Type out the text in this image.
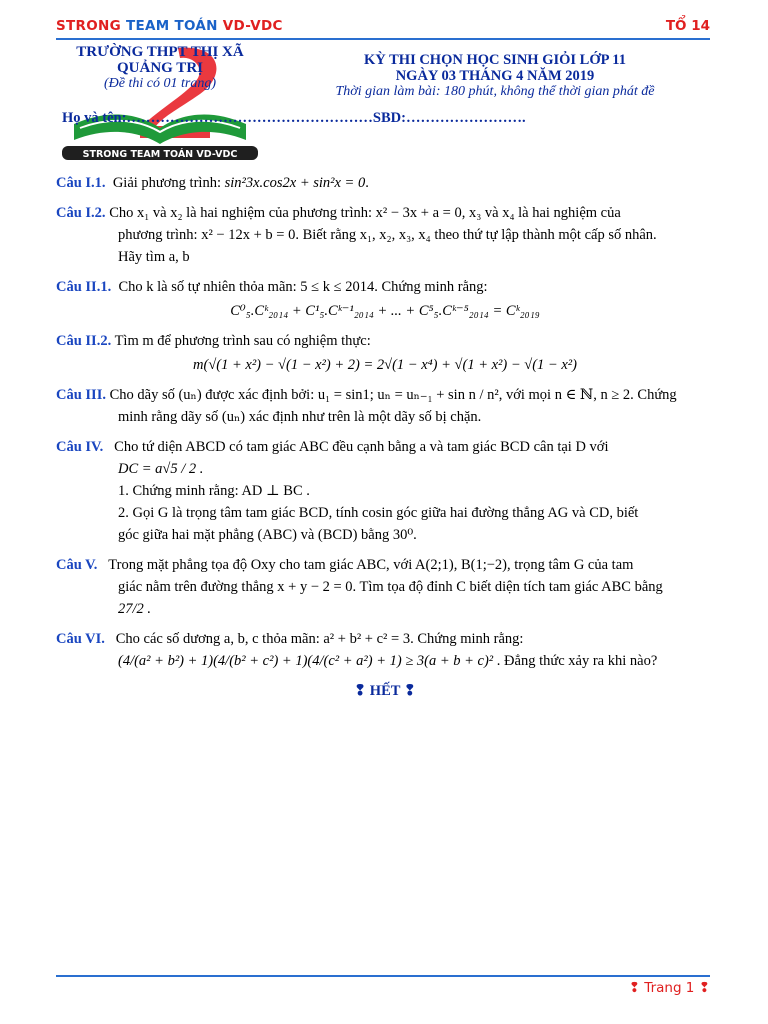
STRONG TEAM TOÁN VD-VDC	TỔ 14
STRONG TEAM TOÁN VD-VDC
TRƯỜNG THPT THỊ XÃ
QUẢNG TRỊ
(Đề thi có 01 trang)
KỲ THI CHỌN HỌC SINH GIỎI LỚP 11
NGÀY 03 THÁNG 4 NĂM 2019
Thời gian làm bài: 180 phút, không thể thời gian phát đề
Họ và tên:……………………………………………SBD:…………………….
Câu I.1. Giải phương trình: sin²3x.cos2x + sin²x = 0.
Câu I.2. Cho x₁ và x₂ là hai nghiệm của phương trình: x² − 3x + a = 0, x₃ và x₄ là hai nghiệm của
phương trình: x² − 12x + b = 0. Biết rằng x₁, x₂, x₃, x₄ theo thứ tự lập thành một cấp số nhân.
Hãy tìm a, b
Câu II.1. Cho k là số tự nhiên thỏa mãn: 5 ≤ k ≤ 2014. Chứng minh rằng:
C⁰₅.Cᵏ₂₀₁₄ + C¹₅.Cᵏ⁻¹₂₀₁₄ + ... + C⁵₅.Cᵏ⁻⁵₂₀₁₄ = Cᵏ₂₀₁₉
Câu II.2. Tìm m để phương trình sau có nghiệm thực:
m(√(1 + x²) − √(1 − x²) + 2) = 2√(1 − x⁴) + √(1 + x²) − √(1 − x²)
Câu III. Cho dãy số (uₙ) được xác định bởi: u₁ = sin1; uₙ = uₙ₋₁ + sin n / n², với mọi n ∈ ℕ, n ≥ 2. Chứng
minh rằng dãy số (uₙ) xác định như trên là một dãy số bị chặn.
Câu IV. Cho tứ diện ABCD có tam giác ABC đều cạnh bằng a và tam giác BCD cân tại D với
DC = a√5 / 2 .
1. Chứng minh rằng: AD ⊥ BC .
2. Gọi G là trọng tâm tam giác BCD, tính cosin góc giữa hai đường thẳng AG và CD, biết
góc giữa hai mặt phẳng (ABC) và (BCD) bằng 30⁰.
Câu V. Trong mặt phẳng tọa độ Oxy cho tam giác ABC, với A(2;1), B(1;−2), trọng tâm G của tam
giác nằm trên đường thẳng x + y − 2 = 0. Tìm tọa độ đỉnh C biết diện tích tam giác ABC bằng
27/2 .
Câu VI. Cho các số dương a, b, c thỏa mãn: a² + b² + c² = 3. Chứng minh rằng:
(4/(a² + b²) + 1)(4/(b² + c²) + 1)(4/(c² + a²) + 1) ≥ 3(a + b + c)² . Đẳng thức xảy ra khi nào?
❢ HẾT ❢
❢ Trang 1 ❢
